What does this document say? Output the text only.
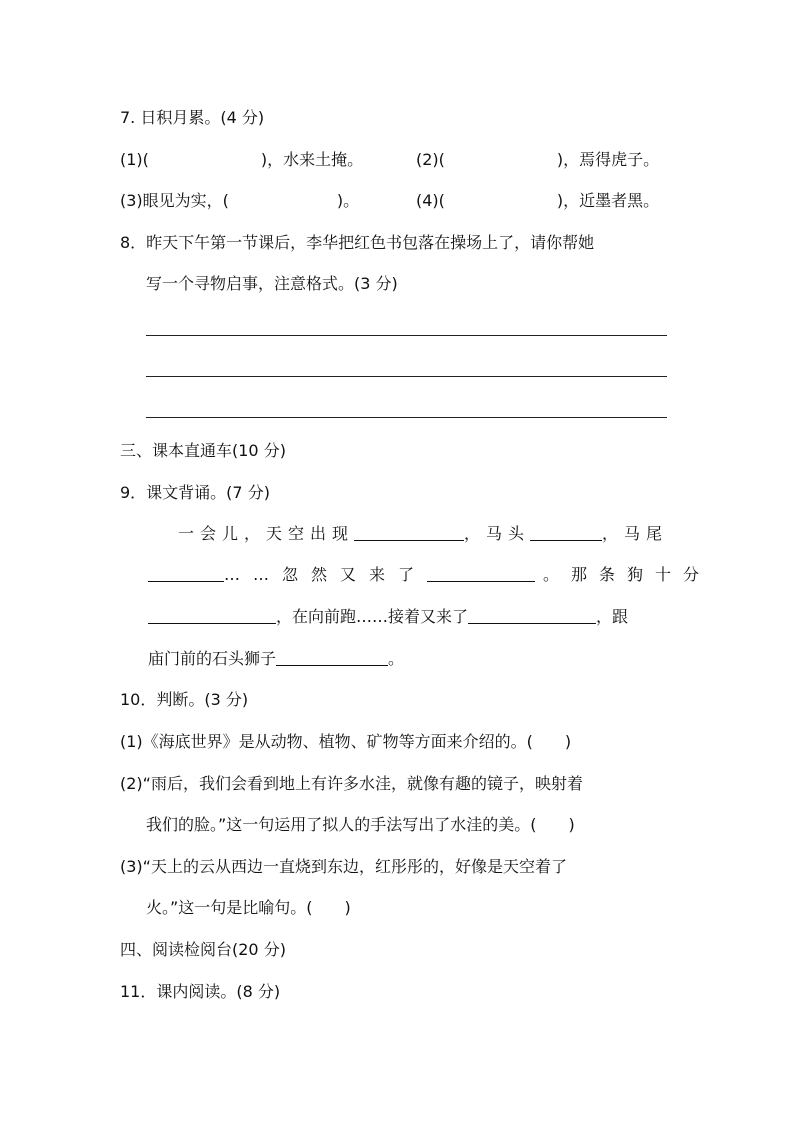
7. 日积月累。(4 分)
(1)(	)，水来土掩。	(2)(	)，焉得虎子。
(3)眼见为实，(	)。	(4)(	)，近墨者黑。
8．昨天下午第一节课后，李华把红色书包落在操场上了，请你帮她
写一个寻物启事，注意格式。(3 分)
三、课本直通车(10 分)
9．课文背诵。(7 分)
一会儿，天空出现	，马头	，马尾
……忽然又来了	。那条狗十分
，在向前跑……接着又来了	，跟
庙门前的石头狮子	。
10．判断。(3 分)
(1)《海底世界》是从动物、植物、矿物等方面来介绍的。(　　)
(2)“雨后，我们会看到地上有许多水洼，就像有趣的镜子，映射着
我们的脸。”这一句运用了拟人的手法写出了水洼的美。(　　)
(3)“天上的云从西边一直烧到东边，红彤彤的，好像是天空着了
火。”这一句是比喻句。(　　)
四、阅读检阅台(20 分)
11．课内阅读。(8 分)
